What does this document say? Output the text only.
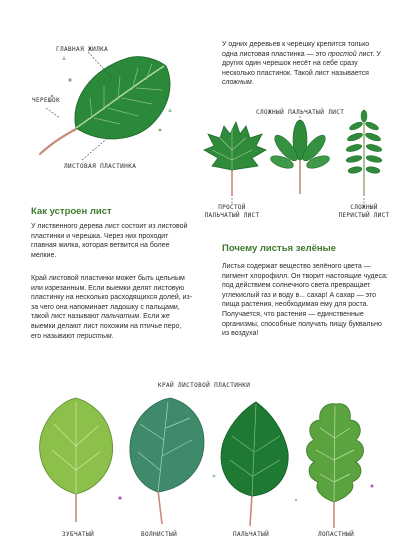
ГЛАВНАЯ ЖИЛКА
ЧЕРЕШОК
ЛИСТОВАЯ ПЛАСТИНКА

У одних деревьев к черешку крепится только одна листовая пластинка — это простой лист. У других один черешок несёт на себе сразу несколько пластинок. Такой лист называется сложным.

СЛОЖНЫЙ ПАЛЬЧАТЫЙ ЛИСТ
ПРОСТОЙ
ПАЛЬЧАТЫЙ ЛИСТ
СЛОЖНЫЙ
ПЕРИСТЫЙ ЛИСТ
Как устроен лист

У лиственного дерева лист состоит из листовой пластинки и черешка. Через них проходит главная жилка, которая ветвится на более мелкие.

Край листовой пластинки может быть цельным или изрезанным. Если выемки делят листовую пластинку на несколько расходящихся долей, из-за чего она напоминает ладошку с пальцами, такой лист называют пальчатым. Если же выемки делают лист похожим на птичье перо, его называют перистым.

Почему листья зелёные

Листья содержат вещество зелёного цвета — пигмент хлорофилл. Он творит настоящие чудеса: под действием солнечного света превращает углекислый газ и воду в... сахар! А сахар — это пища растения, необходимая ему для роста. Получается, что растения — единственные организмы, способные получать пищу буквально из воздуха!

КРАЙ ЛИСТОВОЙ ПЛАСТИНКИ
ЗУБЧАТЫЙ	ВОЛНИСТЫЙ	ПАЛЬЧАТЫЙ	ЛОПАСТНЫЙ
